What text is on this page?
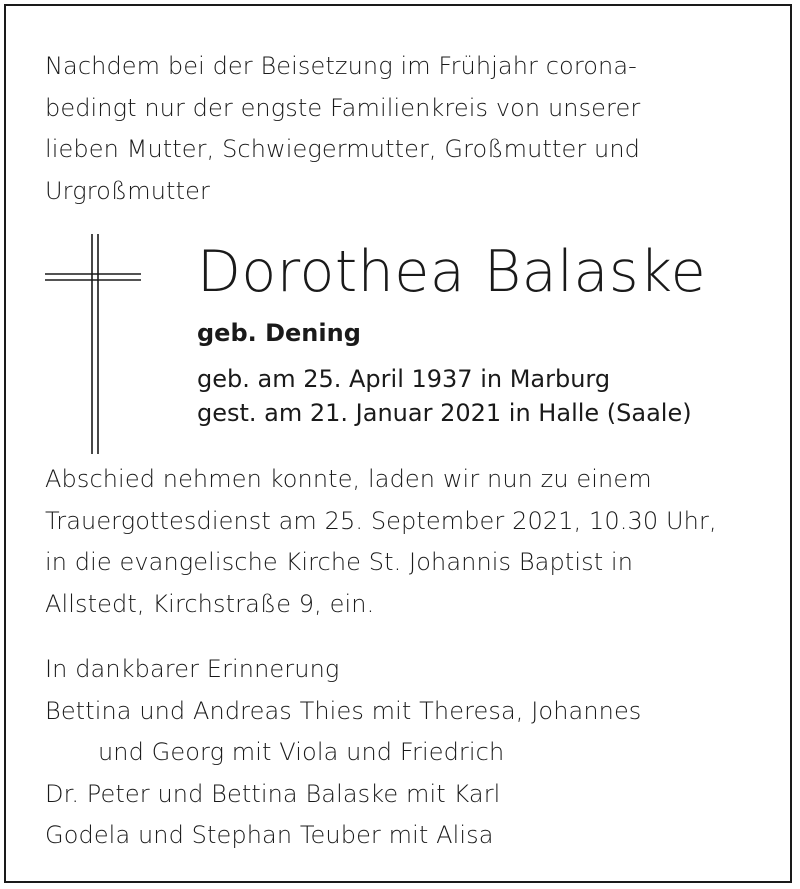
Nachdem bei der Beisetzung im Frühjahr corona-
bedingt nur der engste Familienkreis von unserer
lieben Mutter, Schwiegermutter, Großmutter und
Urgroßmutter
Dorothea Balaske
geb. Dening
geb. am 25. April 1937 in Marburg
gest. am 21. Januar 2021 in Halle (Saale)
Abschied nehmen konnte, laden wir nun zu einem
Trauergottesdienst am 25. September 2021, 10.30 Uhr,
in die evangelische Kirche St. Johannis Baptist in
Allstedt, Kirchstraße 9, ein.
In dankbarer Erinnerung
Bettina und Andreas Thies mit Theresa, Johannes
und Georg mit Viola und Friedrich
Dr. Peter und Bettina Balaske mit Karl
Godela und Stephan Teuber mit Alisa
